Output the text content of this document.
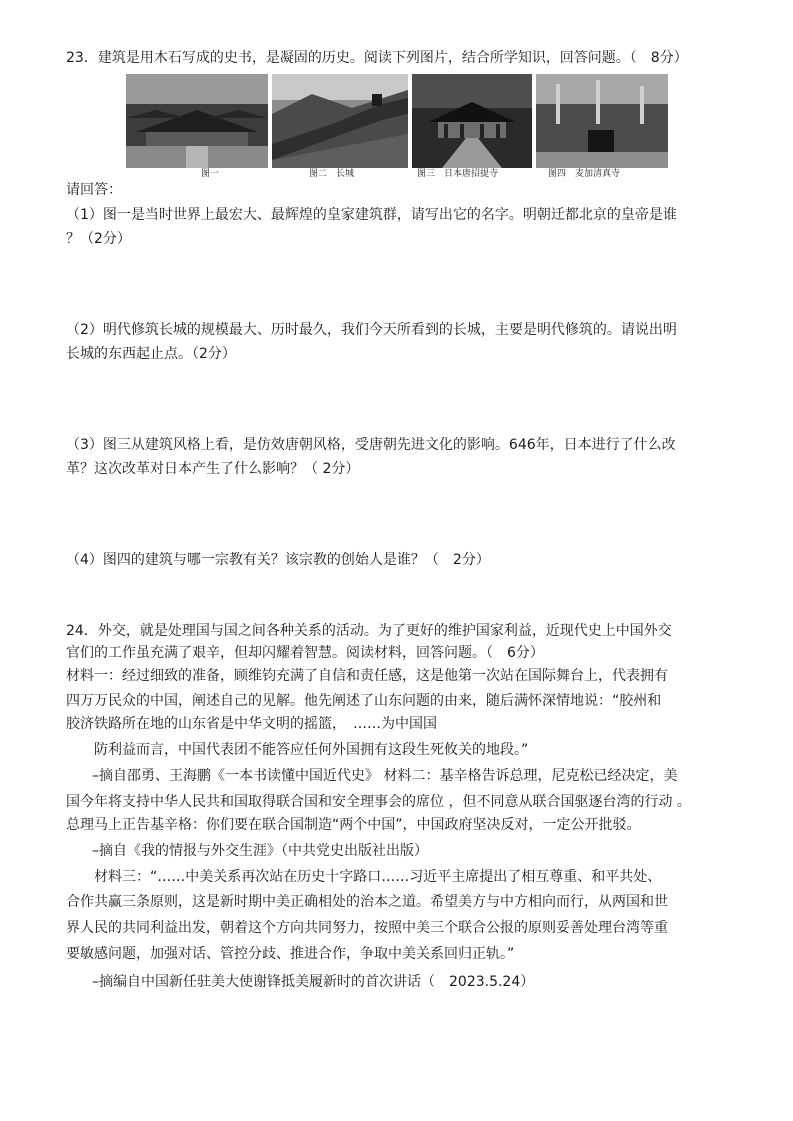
23．建筑是用木石写成的史书，是凝固的历史。阅读下列图片，结合所学知识，回答问题。（　8分）
图一	图二　长城	图三　日本唐招提寺	图四　麦加清真寺
请回答：
（1）图一是当时世界上最宏大、最辉煌的皇家建筑群，请写出它的名字。明朝迁都北京的皇帝是谁
？（2分）
（2）明代修筑长城的规模最大、历时最久，我们今天所看到的长城，主要是明代修筑的。请说出明
长城的东西起止点。（2分）
（3）图三从建筑风格上看，是仿效唐朝风格，受唐朝先进文化的影响。646年，日本进行了什么改
革？这次改革对日本产生了什么影响？（ 2分）
（4）图四的建筑与哪一宗教有关？该宗教的创始人是谁？（　2分）
24．外交，就是处理国与国之间各种关系的活动。为了更好的维护国家利益，近现代史上中国外交
官们的工作虽充满了艰辛，但却闪耀着智慧。阅读材料，回答问题。（　6分）
材料一：经过细致的准备，顾维钧充满了自信和责任感，这是他第一次站在国际舞台上，代表拥有
四万万民众的中国，阐述自己的见解。他先阐述了山东问题的由来，随后满怀深情地说：“胶州和
胶济铁路所在地的山东省是中华文明的摇篮，　……为中国国
防利益而言，中国代表团不能答应任何外国拥有这段生死攸关的地段。”
–摘自邵勇、王海鹏《一本书读懂中国近代史》 材料二：基辛格告诉总理，尼克松已经决定，美
国今年将支持中华人民共和国取得联合国和安全理事会的席位 ，但不同意从联合国驱逐台湾的行动 。
总理马上正告基辛格：你们要在联合国制造“两个中国”，中国政府坚决反对，一定公开批驳。
–摘自《我的情报与外交生涯》（中共党史出版社出版）
材料三：“……中美关系再次站在历史十字路口……习近平主席提出了相互尊重、和平共处、
合作共赢三条原则，这是新时期中美正确相处的治本之道。希望美方与中方相向而行，从两国和世
界人民的共同利益出发，朝着这个方向共同努力，按照中美三个联合公报的原则妥善处理台湾等重
要敏感问题，加强对话、管控分歧、推进合作，争取中美关系回归正轨。”
–摘编自中国新任驻美大使谢锋抵美履新时的首次讲话（　2023.5.24）
